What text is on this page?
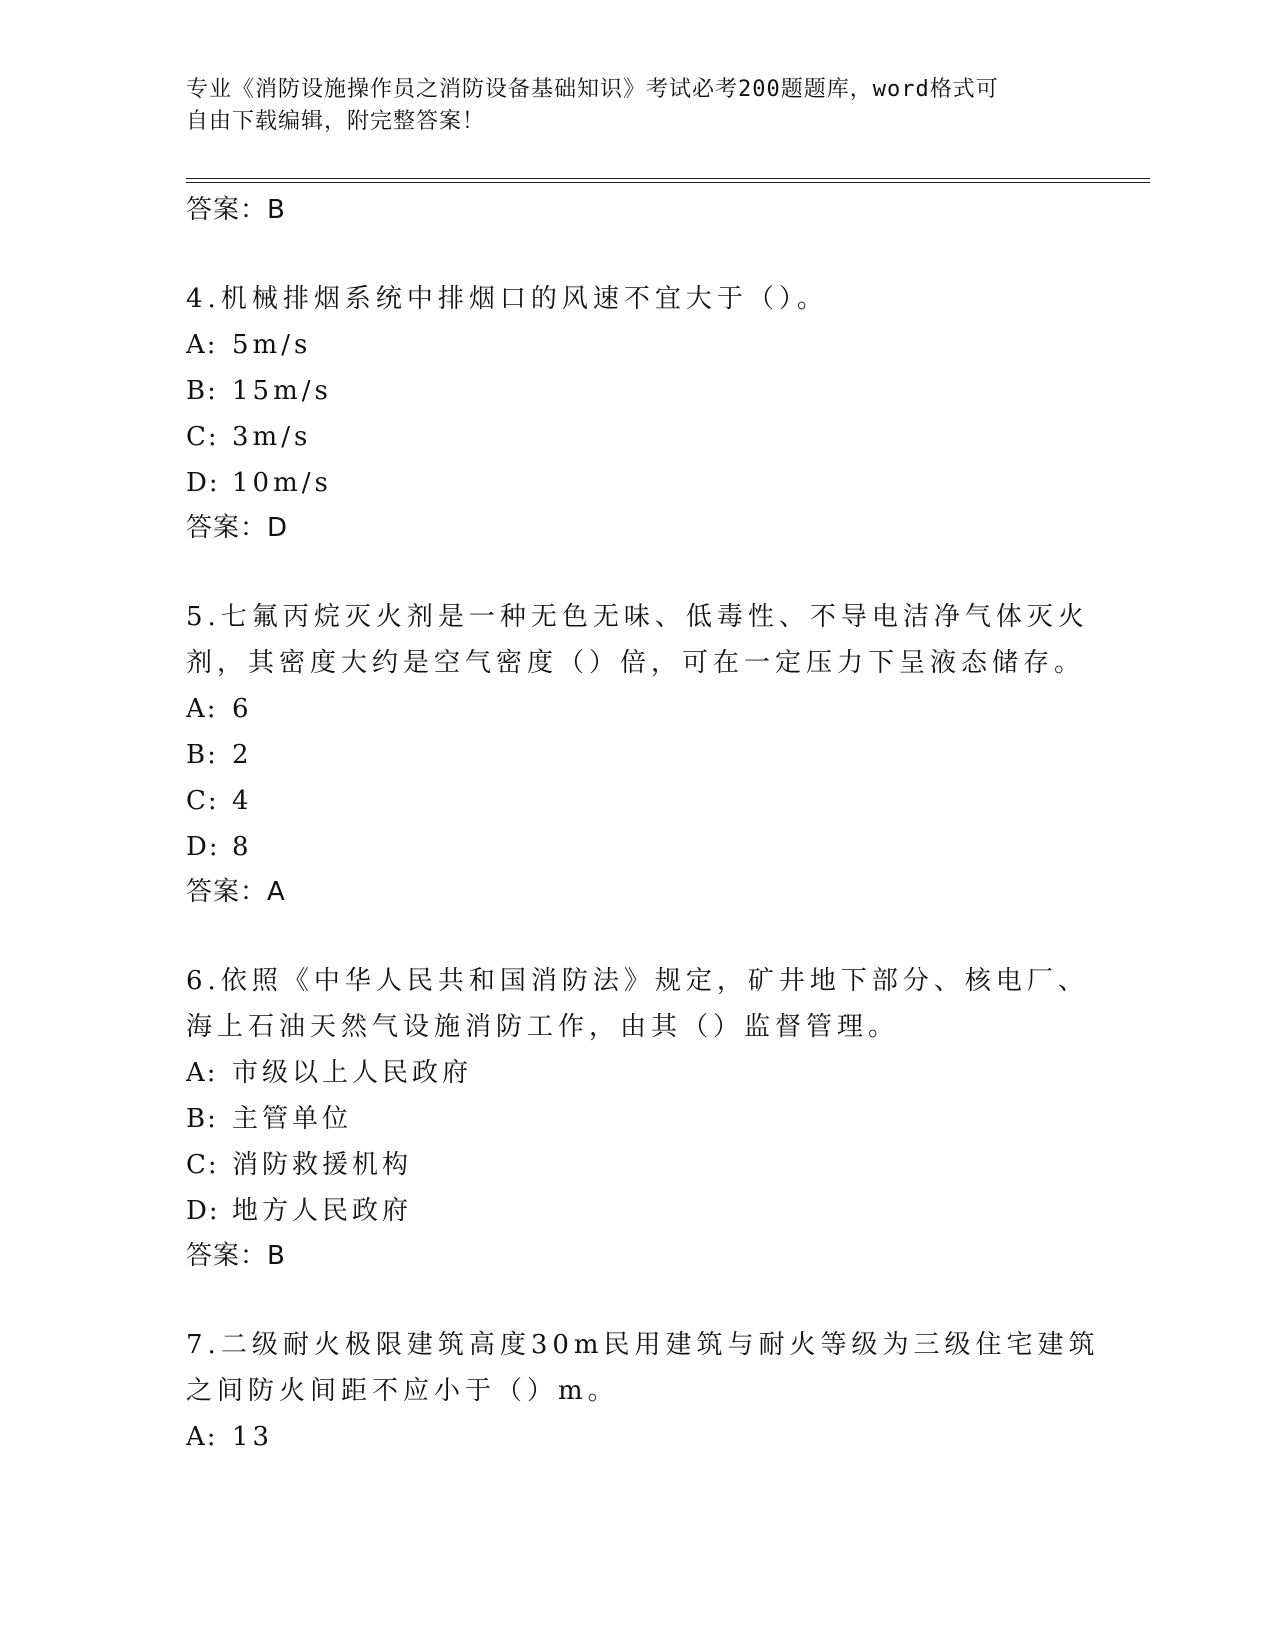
专业《消防设施操作员之消防设备基础知识》考试必考200题题库，word格式可
自由下载编辑，附完整答案！

答案：B

4.机械排烟系统中排烟口的风速不宜大于（）。

A: 5m/s
B: 15m/s
C: 3m/s
D: 10m/s

答案：D

5.七氟丙烷灭火剂是一种无色无味、低毒性、不导电洁净气体灭火剂，其密度大约是空气密度（）倍，可在一定压力下呈液态储存。

A: 6
B: 2
C: 4
D: 8

答案：A

6.依照《中华人民共和国消防法》规定，矿井地下部分、核电厂、海上石油天然气设施消防工作，由其（）监督管理。

A: 市级以上人民政府
B: 主管单位
C: 消防救援机构
D: 地方人民政府

答案：B

7.二级耐火极限建筑高度30m民用建筑与耐火等级为三级住宅建筑之间防火间距不应小于（）m。

A: 13
